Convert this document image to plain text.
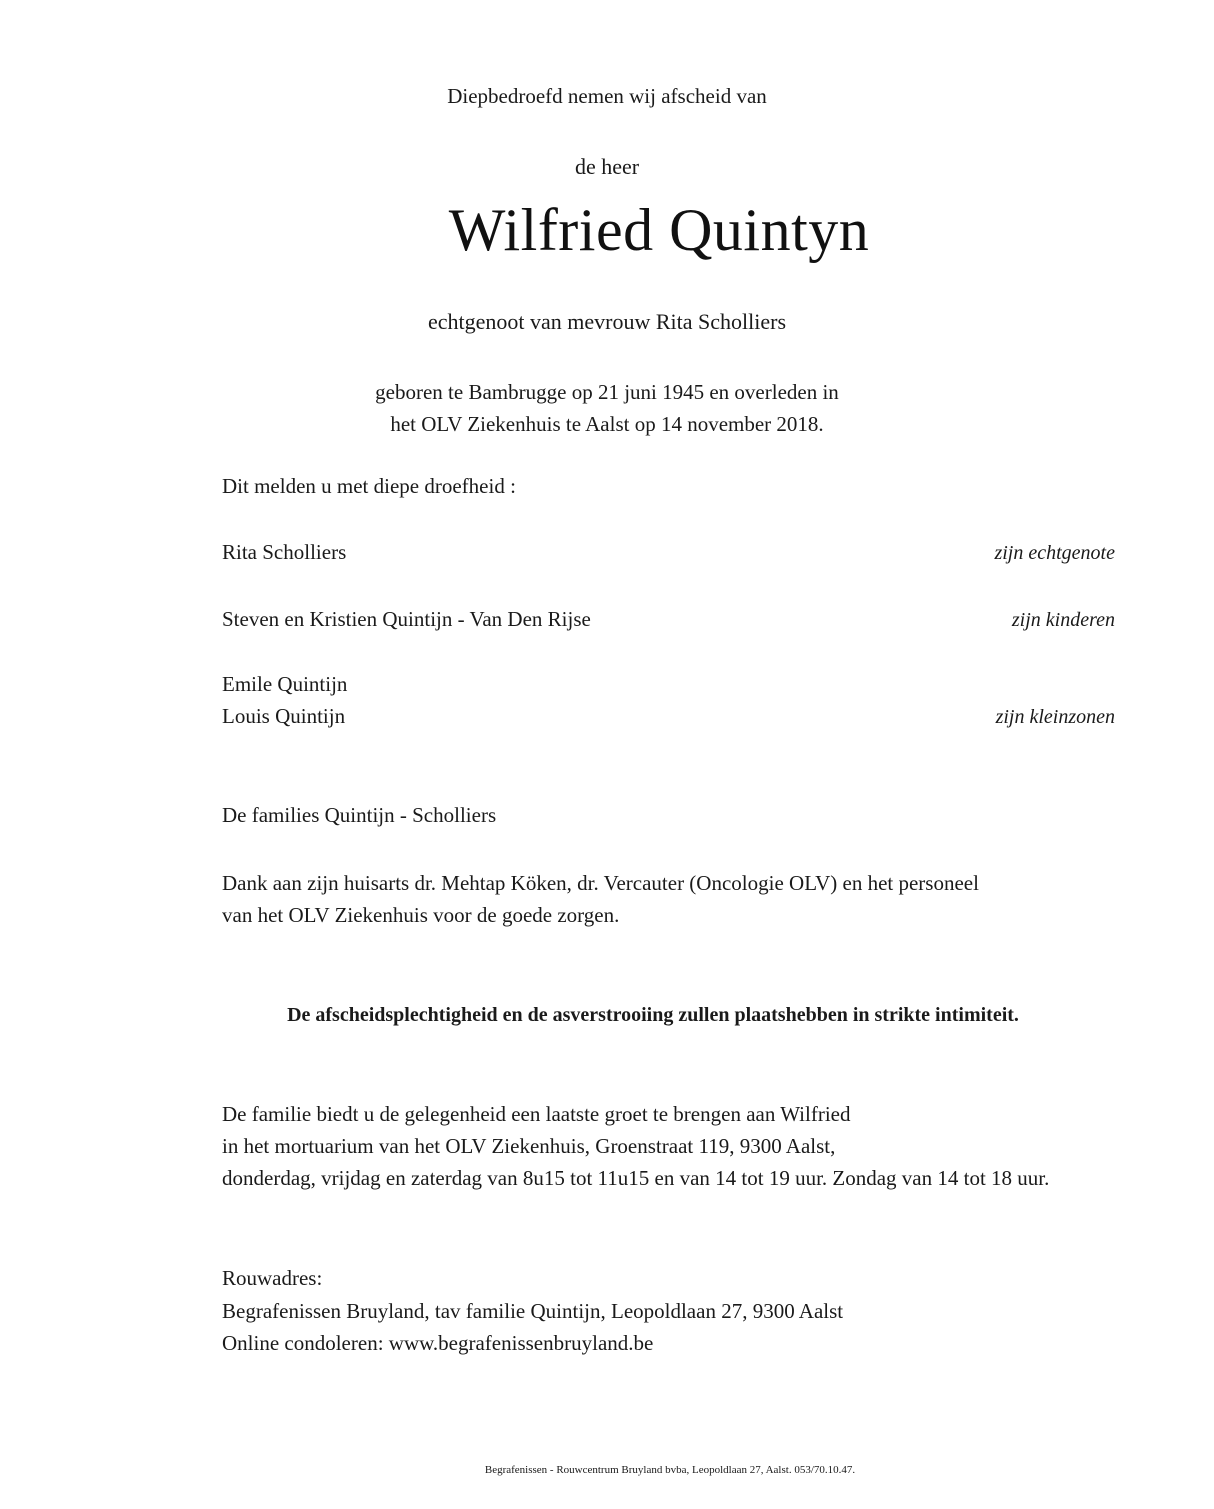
Diepbedroefd nemen wij afscheid van
de heer
Wilfried Quintyn
echtgenoot van mevrouw Rita Scholliers
geboren te Bambrugge op 21 juni 1945 en overleden in
het OLV Ziekenhuis te Aalst op 14 november 2018.
Dit melden u met diepe droefheid :
Rita Scholliers	zijn echtgenote
Steven en Kristien Quintijn - Van Den Rijse	zijn kinderen
Emile Quintijn
Louis Quintijn	zijn kleinzonen
De families Quintijn - Scholliers
Dank aan zijn huisarts dr. Mehtap Köken, dr. Vercauter (Oncologie OLV) en het personeel
van het OLV Ziekenhuis voor de goede zorgen.
De afscheidsplechtigheid en de asverstrooiing zullen plaatshebben in strikte intimiteit.
De familie biedt u de gelegenheid een laatste groet te brengen aan Wilfried
in het mortuarium van het OLV Ziekenhuis, Groenstraat 119, 9300 Aalst,
donderdag, vrijdag en zaterdag van 8u15 tot 11u15 en van 14 tot 19 uur. Zondag van 14 tot 18 uur.
Rouwadres:
Begrafenissen Bruyland, tav familie Quintijn, Leopoldlaan 27, 9300 Aalst
Online condoleren: www.begrafenissenbruyland.be
Begrafenissen - Rouwcentrum Bruyland bvba, Leopoldlaan 27, Aalst. 053/70.10.47.
